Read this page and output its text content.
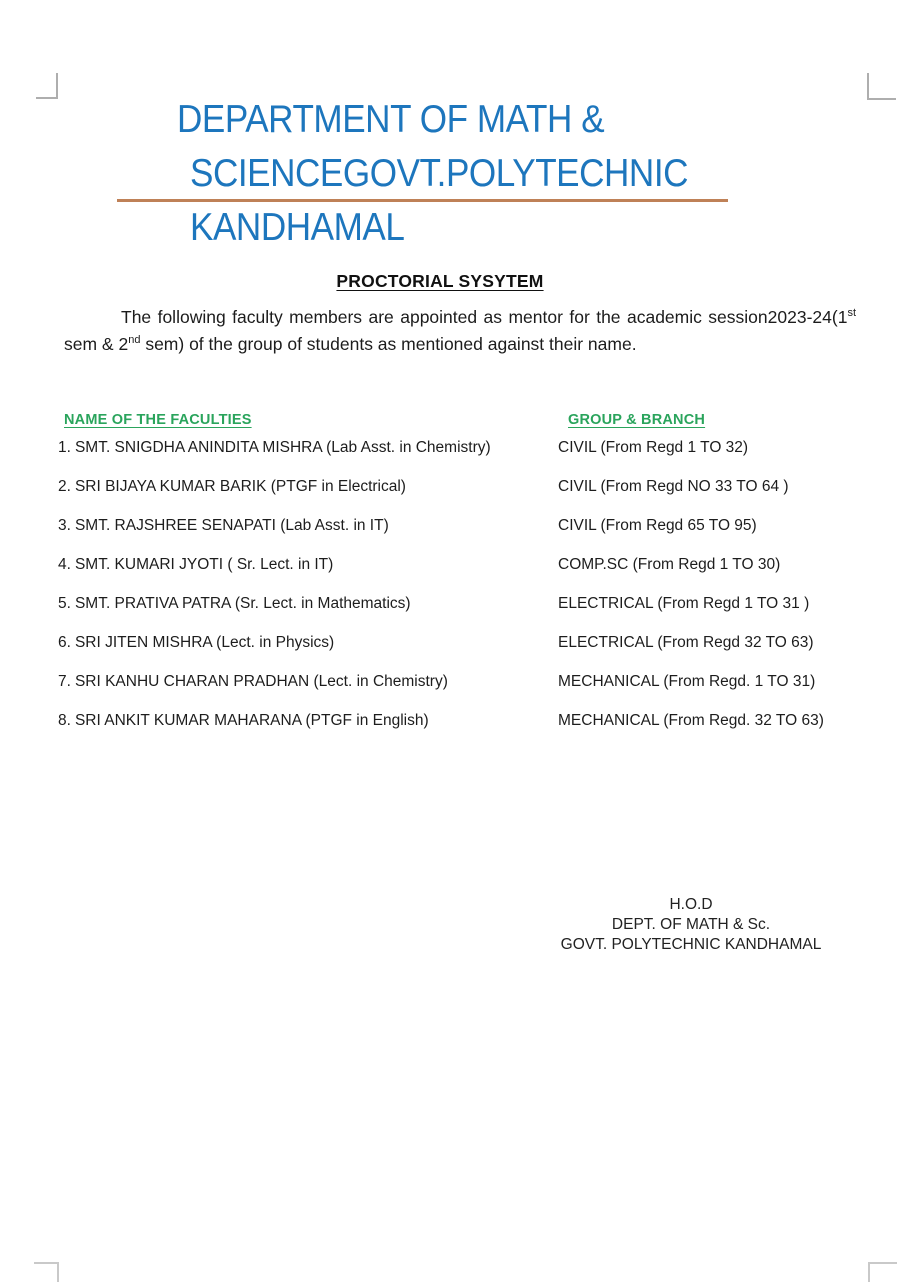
DEPARTMENT OF MATH &
SCIENCEGOVT.POLYTECHNIC
KANDHAMAL
PROCTORIAL SYSYTEM

The following faculty members are appointed as mentor for the academic session2023-24(1st sem & 2nd sem) of the group of students as mentioned against their name.

NAME OF THE FACULTIES	GROUP & BRANCH
1. SMT. SNIGDHA ANINDITA MISHRA (Lab Asst. in Chemistry)	CIVIL (From Regd 1 TO 32)
2. SRI BIJAYA KUMAR BARIK (PTGF in Electrical)	CIVIL (From Regd NO 33 TO 64 )
3. SMT. RAJSHREE SENAPATI (Lab Asst. in IT)	CIVIL (From Regd 65 TO 95)
4. SMT. KUMARI JYOTI ( Sr. Lect. in IT)	COMP.SC (From Regd 1 TO 30)
5. SMT. PRATIVA PATRA (Sr. Lect. in Mathematics)	ELECTRICAL (From Regd 1 TO 31 )
6. SRI JITEN MISHRA (Lect. in Physics)	ELECTRICAL (From Regd 32 TO 63)
7. SRI KANHU CHARAN PRADHAN (Lect. in Chemistry)	MECHANICAL (From Regd. 1 TO 31)
8. SRI ANKIT KUMAR MAHARANA (PTGF in English)	MECHANICAL (From Regd. 32 TO 63)
H.O.D
DEPT. OF MATH & Sc.
GOVT. POLYTECHNIC KANDHAMAL
